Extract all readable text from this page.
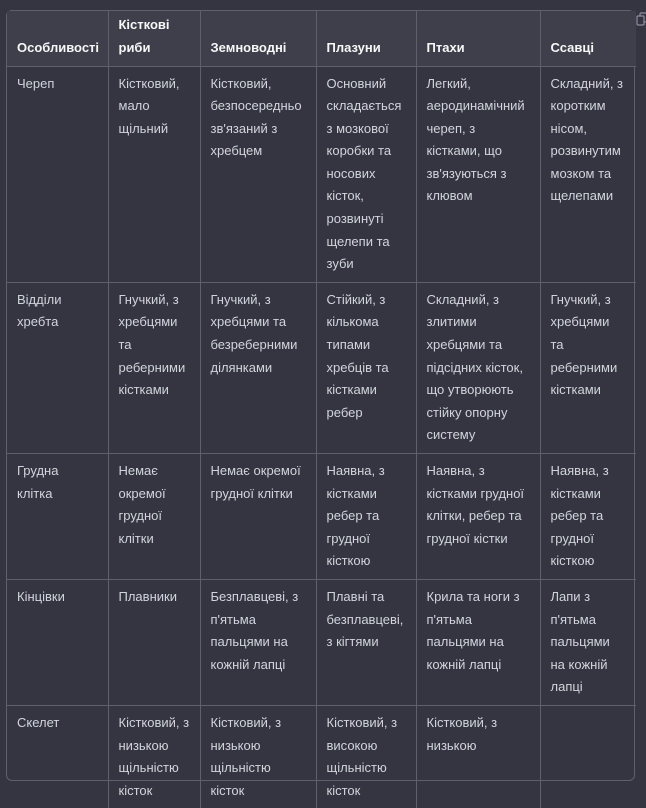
Особливості	Кісткові риби	Земноводні	Плазуни	Птахи	Ссавці
Череп	Кістковий, мало щільний	Кістковий, безпосередньо зв'язаний з хребцем	Основний складається з мозкової коробки та носових кісток, розвинуті щелепи та зуби	Легкий, аеродинамічний череп, з кістками, що зв'язуються з клювом	Складний, з коротким нісом, розвинутим мозком та щелепами
Відділи хребта	Гнучкий, з хребцями та реберними кістками	Гнучкий, з хребцями та безреберними ділянками	Стійкий, з кількома типами хребців та кістками ребер	Складний, з злитими хребцями та підсідних кісток, що утворюють стійку опорну систему	Гнучкий, з хребцями та реберними кістками
Грудна клітка	Немає окремої грудної клітки	Немає окремої грудної клітки	Наявна, з кістками ребер та грудної кісткою	Наявна, з кістками грудної клітки, ребер та грудної кістки	Наявна, з кістками ребер та грудної кісткою
Кінцівки	Плавники	Безплавцеві, з п'ятьма пальцями на кожній лапці	Плавні та безплавцеві, з кігтями	Крила та ноги з п'ятьма пальцями на кожній лапці	Лапи з п'ятьма пальцями на кожній лапці
Скелет	Кістковий, з низькою щільністю кісток	Кістковий, з низькою щільністю кісток	Кістковий, з високою щільністю кісток	Кістковий, з низькою	
